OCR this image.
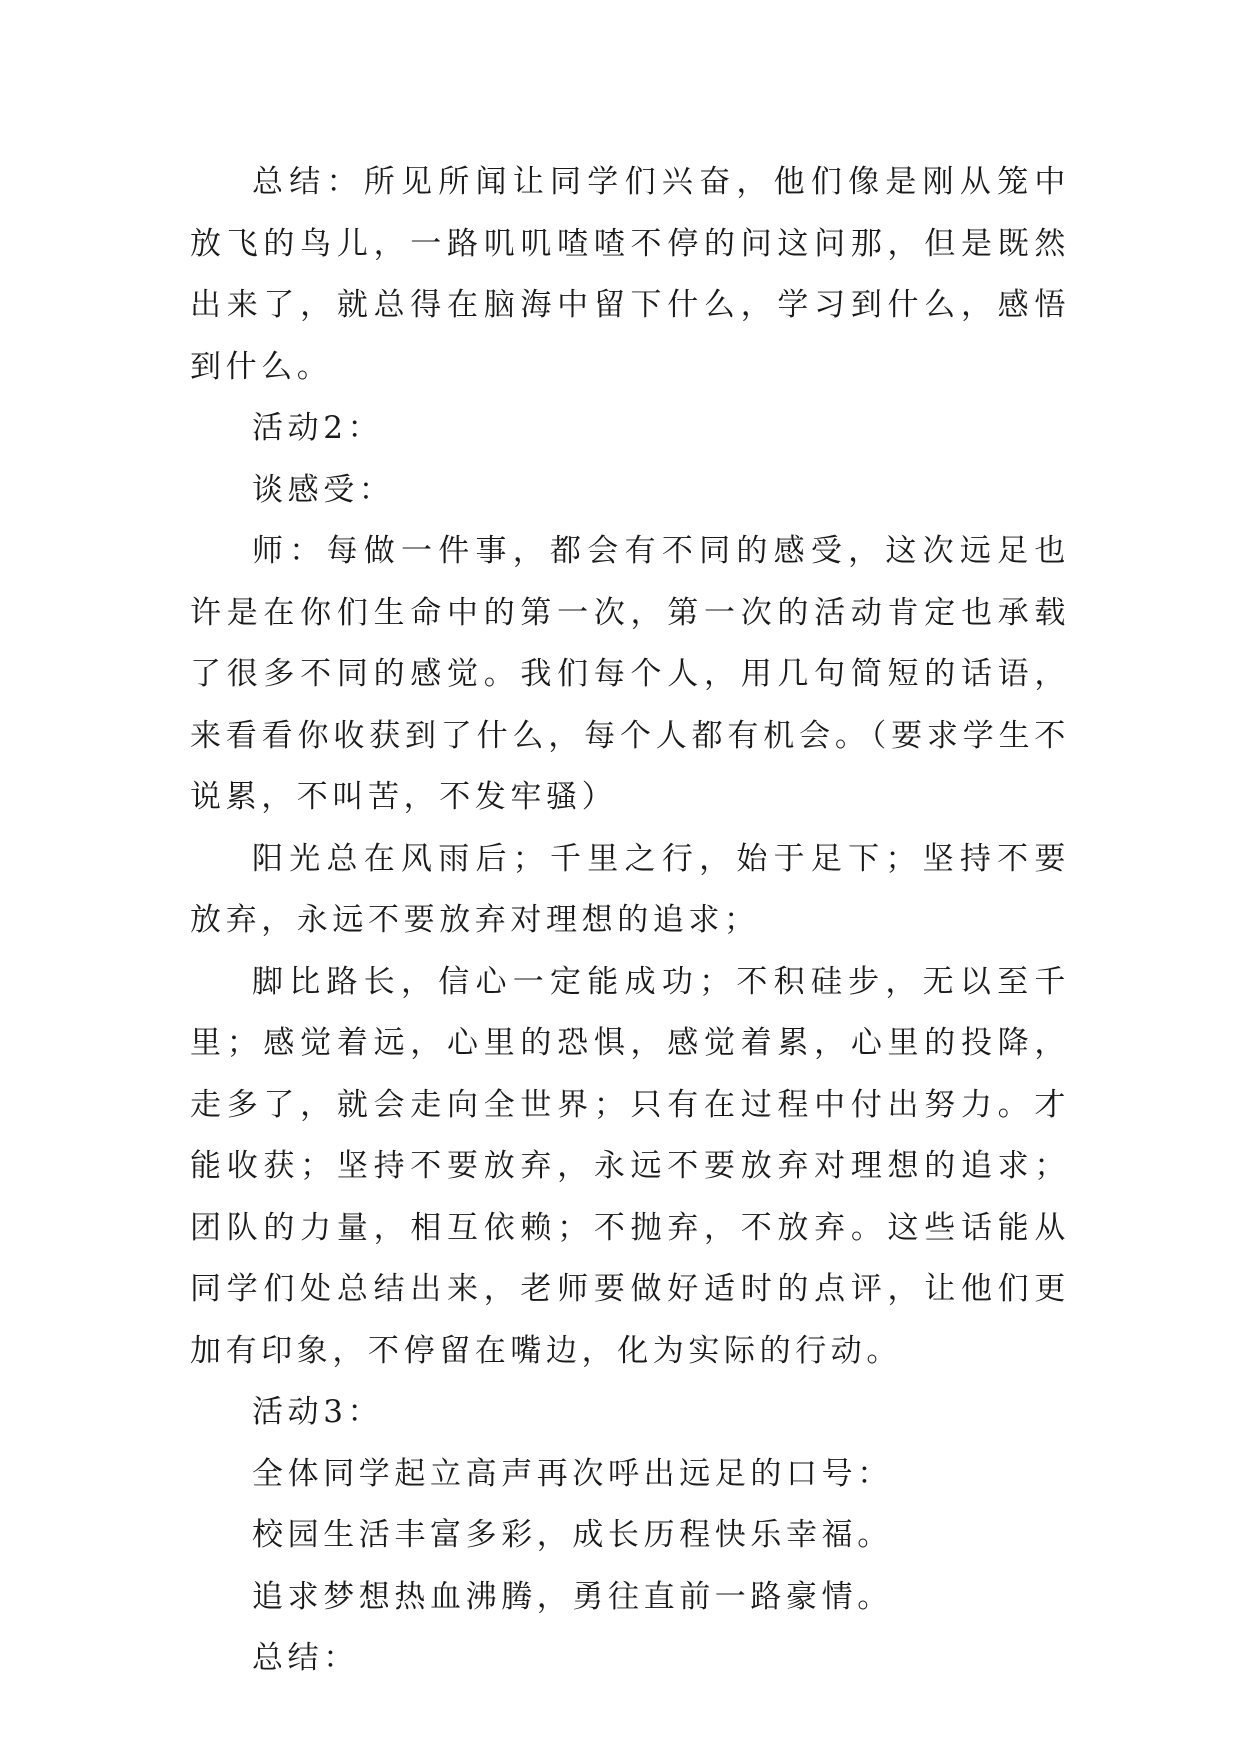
总结：所见所闻让同学们兴奋，他们像是刚从笼中放飞的鸟儿，一路叽叽喳喳不停的问这问那，但是既然出来了，就总得在脑海中留下什么，学习到什么，感悟到什么。

活动2：

谈感受：

师：每做一件事，都会有不同的感受，这次远足也许是在你们生命中的第一次，第一次的活动肯定也承载了很多不同的感觉。我们每个人，用几句简短的话语，来看看你收获到了什么，每个人都有机会。（要求学生不说累，不叫苦，不发牢骚）

阳光总在风雨后；千里之行，始于足下；坚持不要放弃，永远不要放弃对理想的追求；

脚比路长，信心一定能成功；不积硅步，无以至千里；感觉着远，心里的恐惧，感觉着累，心里的投降，走多了，就会走向全世界；只有在过程中付出努力。才能收获；坚持不要放弃，永远不要放弃对理想的追求；团队的力量，相互依赖；不抛弃，不放弃。这些话能从同学们处总结出来，老师要做好适时的点评，让他们更加有印象，不停留在嘴边，化为实际的行动。

活动3：

全体同学起立高声再次呼出远足的口号：

校园生活丰富多彩，成长历程快乐幸福。

追求梦想热血沸腾，勇往直前一路豪情。

总结：
